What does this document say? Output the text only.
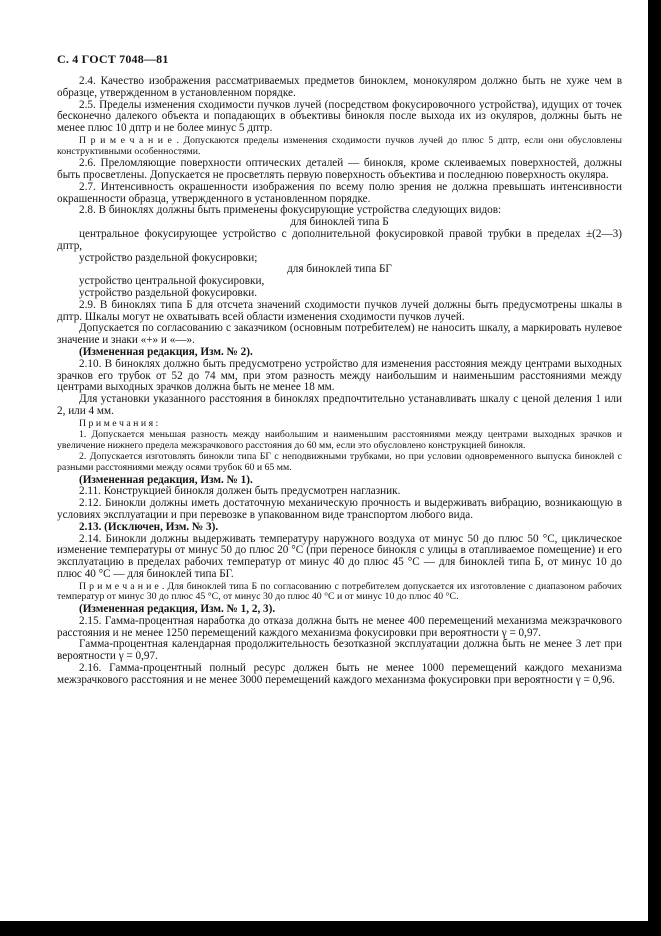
С. 4 ГОСТ 7048—81

2.4. Качество изображения рассматриваемых предметов биноклем, монокуляром должно быть не хуже чем в образце, утвержденном в установленном порядке.

2.5. Пределы изменения сходимости пучков лучей (посредством фокусировочного устройства), идущих от точек бесконечно далекого объекта и попадающих в объективы бинокля после выхода их из окуляров, должны быть не менее плюс 10 дптр и не более минус 5 дптр.

П р и м е ч а н и е . Допускаются пределы изменения сходимости пучков лучей до плюс 5 дптр, если они обусловлены конструктивными особенностями.

2.6. Преломляющие поверхности оптических деталей — бинокля, кроме склеиваемых поверхностей, должны быть просветлены. Допускается не просветлять первую поверхность объектива и последнюю поверхность окуляра.

2.7. Интенсивность окрашенности изображения по всему полю зрения не должна превышать интенсивности окрашенности образца, утвержденного в установленном порядке.

2.8. В биноклях должны быть применены фокусирующие устройства следующих видов:

для биноклей типа Б

центральное фокусирующее устройство с дополнительной фокусировкой правой трубки в пределах ±(2—3) дптр,

устройство раздельной фокусировки;

для биноклей типа БГ

устройство центральной фокусировки,

устройство раздельной фокусировки.

2.9. В биноклях типа Б для отсчета значений сходимости пучков лучей должны быть предусмотрены шкалы в дптр. Шкалы могут не охватывать всей области изменения сходимости пучков лучей.

Допускается по согласованию с заказчиком (основным потребителем) не наносить шкалу, а маркировать нулевое значение и знаки «+» и «—».

(Измененная редакция, Изм. № 2).

2.10. В биноклях должно быть предусмотрено устройство для изменения расстояния между центрами выходных зрачков его трубок от 52 до 74 мм, при этом разность между наибольшим и наименьшим расстояниями между центрами выходных зрачков должна быть не менее 18 мм.

Для установки указанного расстояния в биноклях предпочтительно устанавливать шкалу с ценой деления 1 или 2, или 4 мм.

П р и м е ч а н и я :

1. Допускается меньшая разность между наибольшим и наименьшим расстояниями между центрами выходных зрачков и увеличение нижнего предела межзрачкового расстояния до 60 мм, если это обусловлено конструкцией бинокля.

2. Допускается изготовлять бинокли типа БГ с неподвижными трубками, но при условии одновременного выпуска биноклей с разными расстояниями между осями трубок 60 и 65 мм.

(Измененная редакция, Изм. № 1).

2.11. Конструкцией бинокля должен быть предусмотрен наглазник.

2.12. Бинокли должны иметь достаточную механическую прочность и выдерживать вибрацию, возникающую в условиях эксплуатации и при перевозке в упакованном виде транспортом любого вида.

2.13. (Исключен, Изм. № 3).

2.14. Бинокли должны выдерживать температуру наружного воздуха от минус 50 до плюс 50 °С, циклическое изменение температуры от минус 50 до плюс 20 °С (при переносе бинокля с улицы в отапливаемое помещение) и его эксплуатацию в пределах рабочих температур от минус 40 до плюс 45 °С — для биноклей типа Б, от минус 10 до плюс 40 °С — для биноклей типа БГ.

П р и м е ч а н и е . Для биноклей типа Б по согласованию с потребителем допускается их изготовление с диапазоном рабочих температур от минус 30 до плюс 45 °С, от минус 30 до плюс 40 °С и от минус 10 до плюс 40 °С.

(Измененная редакция, Изм. № 1, 2, 3).

2.15. Гамма-процентная наработка до отказа должна быть не менее 400 перемещений механизма межзрачкового расстояния и не менее 1250 перемещений каждого механизма фокусировки при вероятности γ = 0,97.

Гамма-процентная календарная продолжительность безотказной эксплуатации должна быть не менее 3 лет при вероятности γ = 0,97.

2.16. Гамма-процентный полный ресурс должен быть не менее 1000 перемещений каждого механизма межзрачкового расстояния и не менее 3000 перемещений каждого механизма фокусировки при вероятности γ = 0,96.
